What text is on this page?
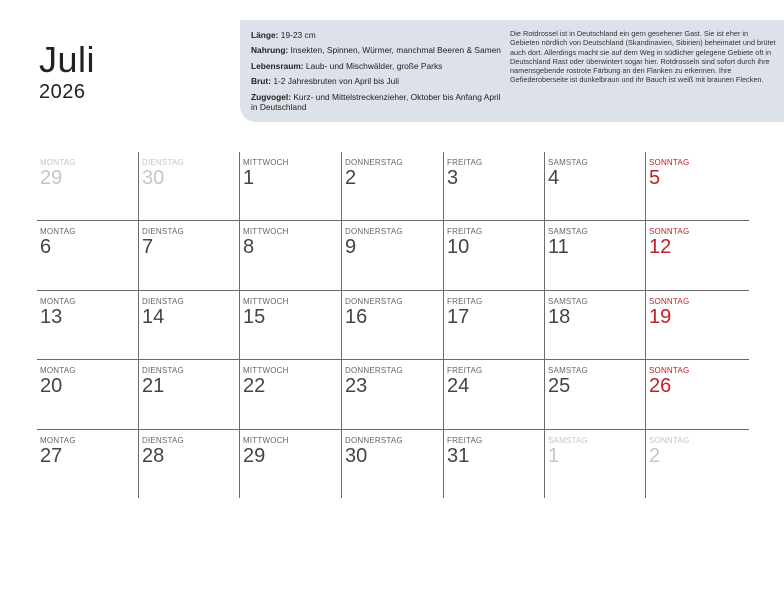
Juli
2026
Länge: 19-23 cm
Nahrung: Insekten, Spinnen, Würmer, manchmal Beeren & Samen
Lebensraum: Laub- und Mischwälder, große Parks
Brut: 1-2 Jahresbruten von April bis Juli
Zugvogel: Kurz- und Mittelstreckenzieher, Oktober bis Anfang April in Deutschland
Die Rotdrossel ist in Deutschland ein gern gesehener Gast. Sie ist eher in Gebieten nördlich von Deutschland (Skandinavien, Sibirien) beheimatet und brütet auch dort. Allerdings macht sie auf dem Weg in südlicher gelegene Gebiete oft in Deutschland Rast oder überwintert sogar hier. Rotdrosseln sind sofort durch ihre namensgebende rostrote Färbung an den Flanken zu erkennen. Ihre Gefiederoberseite ist dunkelbraun und ihr Bauch ist weiß mit braunen Flecken.
MONTAG
29
DIENSTAG
30
MITTWOCH
1
DONNERSTAG
2
FREITAG
3
SAMSTAG
4
SONNTAG
5
MONTAG
6
DIENSTAG
7
MITTWOCH
8
DONNERSTAG
9
FREITAG
10
SAMSTAG
11
SONNTAG
12
MONTAG
13
DIENSTAG
14
MITTWOCH
15
DONNERSTAG
16
FREITAG
17
SAMSTAG
18
SONNTAG
19
MONTAG
20
DIENSTAG
21
MITTWOCH
22
DONNERSTAG
23
FREITAG
24
SAMSTAG
25
SONNTAG
26
MONTAG
27
DIENSTAG
28
MITTWOCH
29
DONNERSTAG
30
FREITAG
31
SAMSTAG
1
SONNTAG
2
